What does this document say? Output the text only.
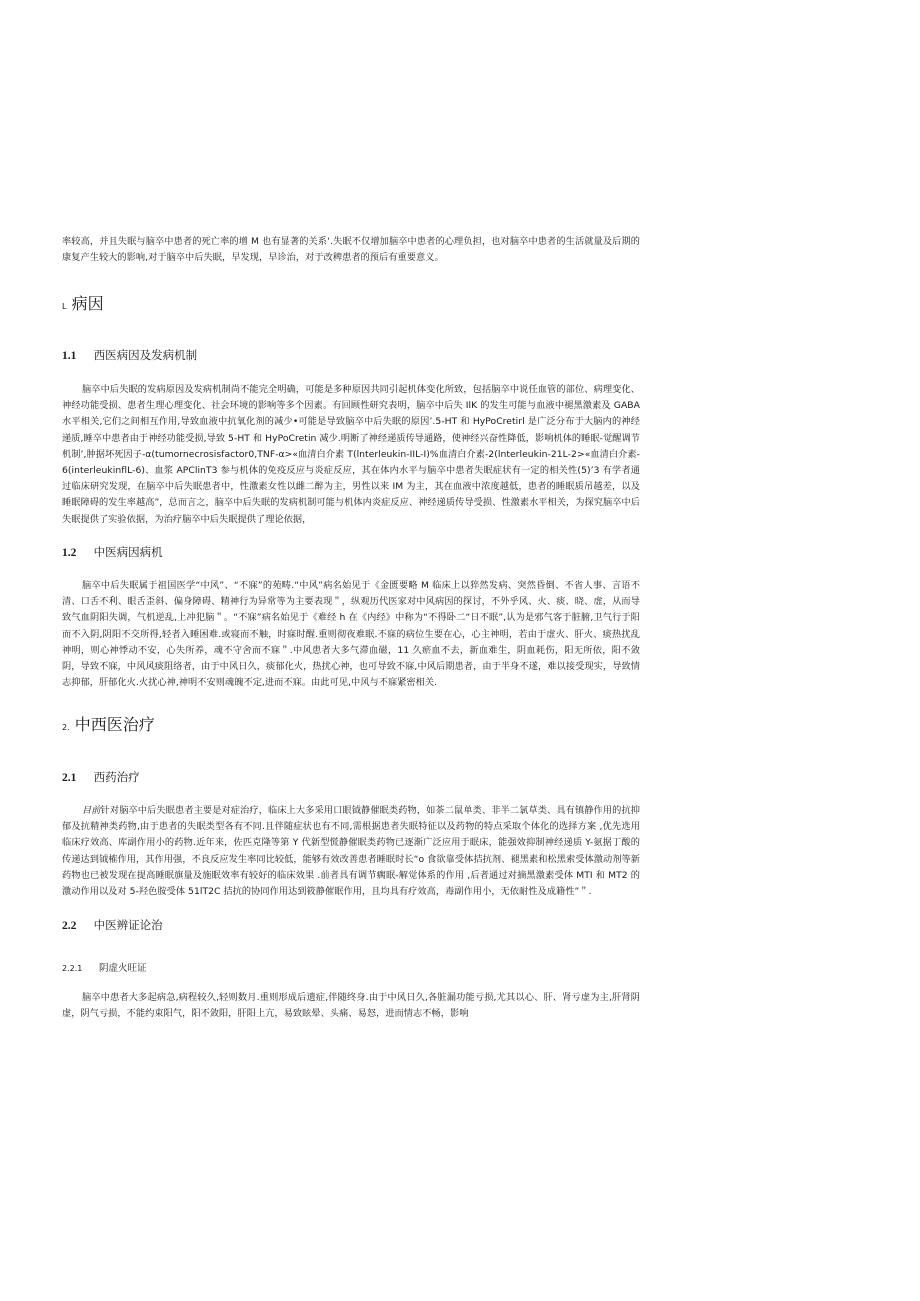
率较高，并且失眠与脑卒中患者的死亡率的增 M 也有显著的关系‘.失眠不仅增加脑卒中患者的心理负担，也对脑卒中患者的生活就量及后期的康复产生较大的影响,对于脑卒中后失眠，早发现，早诊治，对于改稗患者的预后有重要意义。
L 病因
1.1 西医病因及发病机制
脑卒中后失眠的发病原因及发病机制尚不能完全明确，可能是多种原因共同引起机体变化所致，包括脑卒中说任血管的部位、病理变化、神经功能受损、患者生理心理变化、社会环境的影响等多个因素。有回顾性研究表明，脑卒中后失 IlK 的发生可能与血液中褪黑激素及 GABA 水平相关,它们之间相互作用,导致血液中抗氧化剂的减少•可能是导致脑卒中后失眠的原因’.5-HT 和 HyPoCretirl 是广泛分布于大脑内的神经递质,睡卒中患者由于神经功能受损,导致 5-HT 和 HyPoCretin 减少.明断了神经递质传导通路，使神经兴奋性降低，影响机体的睡眠-觉醒调节机制’,肿据坏死因子-α(tumornecrosisfactor0,TNF-α>«血清白介素 T(lnterleukin-IIL-I)%血清白介素-2(lnterleukin-21L-2>«血清白介素-6(interleukinflL-6)、血浆 APClinT3 参与机体的免疫反应与炎症反应，其在体内水平与脑卒中患者失眠症状有一定的相关性(5)’3 有学者通过临床研究发现，在脑卒中后失眠患者中，性激素女性以雌二醉为主，男性以来 IM 为主，其在血液中浓度越低，患者的睡眠质吊越差，以及睡眠障碍的发生率越高”，总而言之，脑卒中后失眠的发病机制可能与机体内炎症反应、神经递质传导受损、性激素水平相关，为探究脑卒中后失眠提供了实验依据，为治疗脑卒中后失眠提供了理论依据，
1.2 中医病因病机
脑卒中后失眠属于祖国医学“中风”、“不寐”的苑畴.“中风”病名始见于《金匮要略 M 临床上以猝然发病、突然昏倒、不省人事、言语不清、口舌不利、眼舌歪斜、偏身障碍、精神行为异常等为主要表现＂，纵观历代医家对中风病因的探讨，不外乎风、火、痰、晓、虚，从而导致气血阴阳失调，气机逆乱,上冲犯脑＂。“不寐”病名始见于《难经 h 在《内经》中称为“不得卧二“日不眠”,认为是邪气客于脏腑,卫气行于阳而不入阴,阴阳不交所得,轻者入睡困难.或寝而不触，时寐时醒.重则彻夜难眠.不寐的病位生要在心，心主神明，若由于虚火、肝火、痰热扰乱神明，则心神悸动不安，心失所养，魂不守舍而不寐＂.中风患者大多气滞血磁，11 久瘀血不去，新血难生，阴血耗伤，阳无所依，阳不敛阴，导致不寐，中风风痰阻络者，由于中风日久，痰郁化火，热扰心神，也可导致不寐,中风后期患者，由于半身不遂，难以接受现实，导致情志抑郁，肝郁化火.火扰心神,神明不安则魂魄不定,进而不寐。由此可见,中风与不寐紧密相关.
2. 中西医治疗
2.1 西药治疗
目前针对脑卒中后失眠患者主要是对症治疗，临床上大多采用口眼钺静催眠类药物，如茶二鼠单类、非半二氯草类、具有镇静作用的抗抑郁及抗精神类药物,由于患者的失眠类型各有不同.且伴随症状也有不同,需根据患者失眠特征以及药物的特点采取个体化的选择方案 ,优先选用临床疗效高、库副作用小的药物.近年来，佐匹克隆等第 Y 代新型慌静催眠类药物已逐渐广泛应用于眠床，能强效抑制神经递质 Y-氨据丁酸的传递达到钺榷作用，其作用强，不良反应发生率同比较低，能够有效改善患者睡眠时长“o 食欲靠受体拮抗剂、褪黑素和松黑索受体激动剂等新药物也已被发现在提高睡眠旗量及施眠效率有较好的临床效果 .前者具有调节瘸眠-解觉体系的作用 ,后者通过对摘黑激素受体 MTI 和 MT2 的激动作用以及对 5-羟色胺受体 51lT2C 拮抗的协同作用达到筱静催眠作用，且均具有疗效高，毒副作用小，无依耐性及成籍性”＂.
2.2 中医辨证论治
2.2.1 阴虚火旺证
脑卒中患者大多起病急,病程较久,轻则数月.重则形成后遗症,伴随终身.由于中风日久,各脏漏功能亏损,尤其以心、肝、肾亏虚为主,肝肾阴虚，阴气亏损，不能约束阳气，阳不敛阳，肝阳上亢，易致眩晕、头痛、易怒，进而情志不畅，影响
